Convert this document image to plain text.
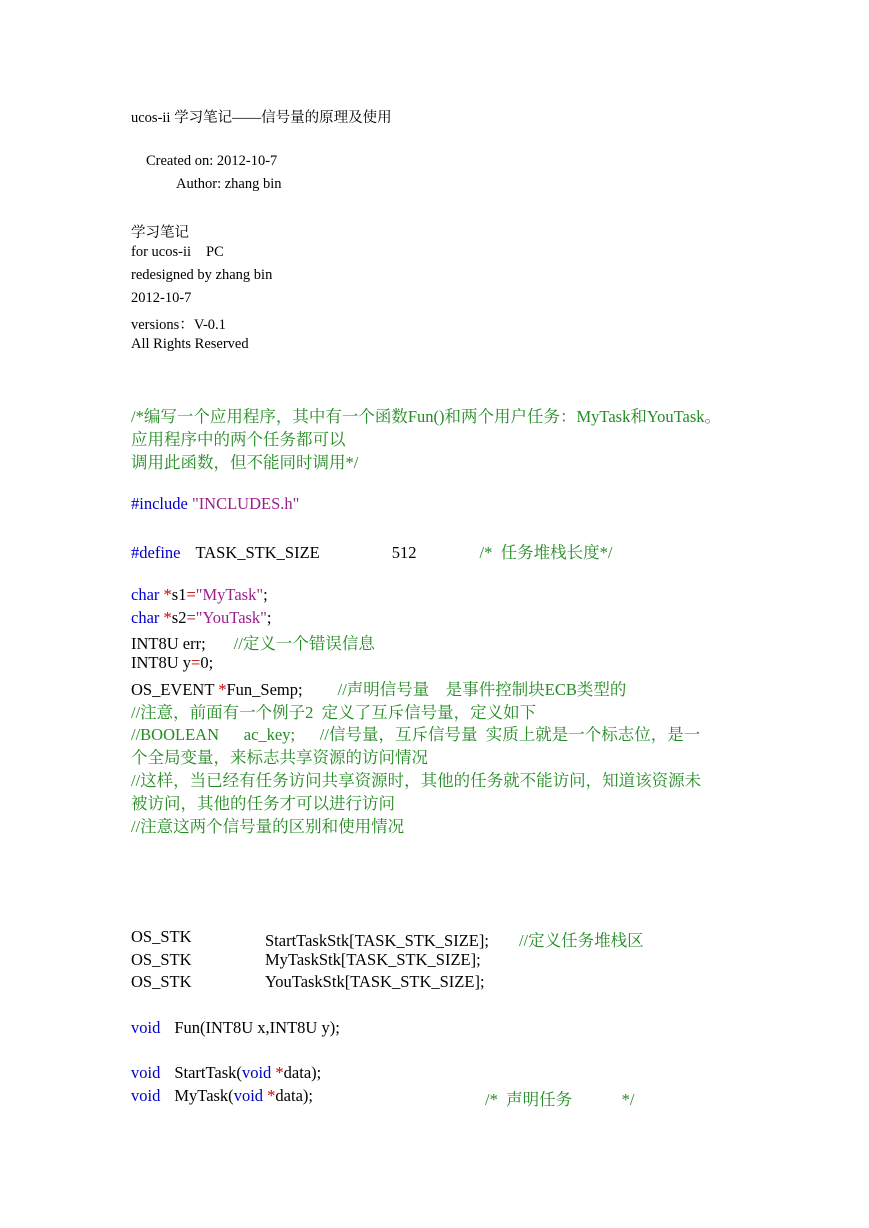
ucos-ii 学习笔记——信号量的原理及使用
Created on: 2012-10-7
Author: zhang bin
学习笔记
for ucos-ii PC
redesigned by zhang bin
2012-10-7
versions：V-0.1
All Rights Reserved
/*编写一个应用程序，其中有一个函数Fun()和两个用户任务：MyTask和YouTask。
应用程序中的两个任务都可以
调用此函数，但不能同时调用*/
#include "INCLUDES.h"
#define TASK_STK_SIZE	512	/*  任务堆栈长度*/
char *s1="MyTask";
char *s2="YouTask";
INT8U err; //定义一个错误信息
INT8U y=0;
OS_EVENT *Fun_Semp; //声明信号量    是事件控制块ECB类型的
//注意，前面有一个例子2  定义了互斥信号量，定义如下
//BOOLEAN      ac_key;      //信号量，互斥信号量  实质上就是一个标志位，是一
个全局变量，来标志共享资源的访问情况
//这样，当已经有任务访问共享资源时，其他的任务就不能访问，知道该资源未
被访问，其他的任务才可以进行访问
//注意这两个信号量的区别和使用情况
OS_STK	StartTaskStk[TASK_STK_SIZE]; //定义任务堆栈区
OS_STK	MyTaskStk[TASK_STK_SIZE];
OS_STK	YouTaskStk[TASK_STK_SIZE];
void Fun(INT8U x,INT8U y);
void StartTask(void *data);
void MyTask(void *data);	/*  声明任务            */
